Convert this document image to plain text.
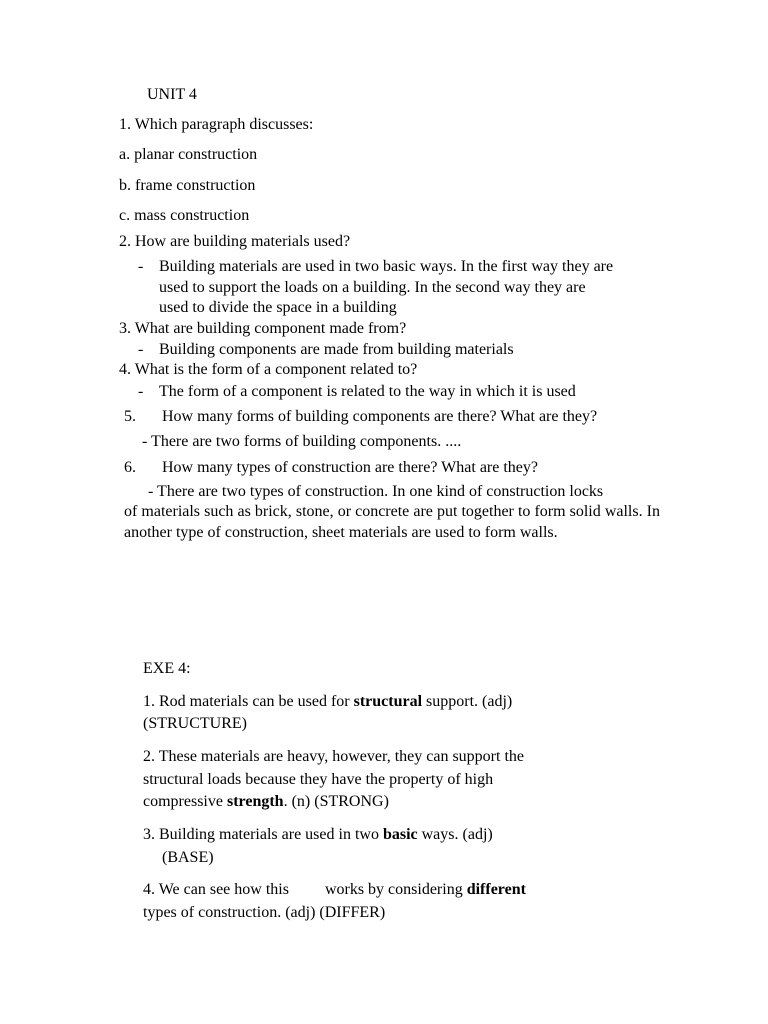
UNIT 4
1. Which paragraph discusses:
a. planar construction
b. frame construction
c. mass construction
2. How are building materials used?
- Building materials are used in two basic ways. In the first way they are
used to support the loads on a building. In the second way they are
used to divide the space in a building
3. What are building component made from?
- Building components are made from building materials
4. What is the form of a component related to?
- The form of a component is related to the way in which it is used
5. How many forms of building components are there? What are they?
- There are two forms of building components. ....
6. How many types of construction are there? What are they?
- There are two types of construction. In one kind of construction locks
of materials such as brick, stone, or concrete are put together to form solid walls. In another type of construction, sheet materials are used to form walls.
EXE 4:
1. Rod materials can be used for structural support. (adj)
(STRUCTURE)
2. These materials are heavy, however, they can support the
structural loads because they have the property of high
compressive strength. (n) (STRONG)
3. Building materials are used in two basic ways. (adj)
(BASE)
4. We can see how this         works by considering different
types of construction. (adj) (DIFFER)
